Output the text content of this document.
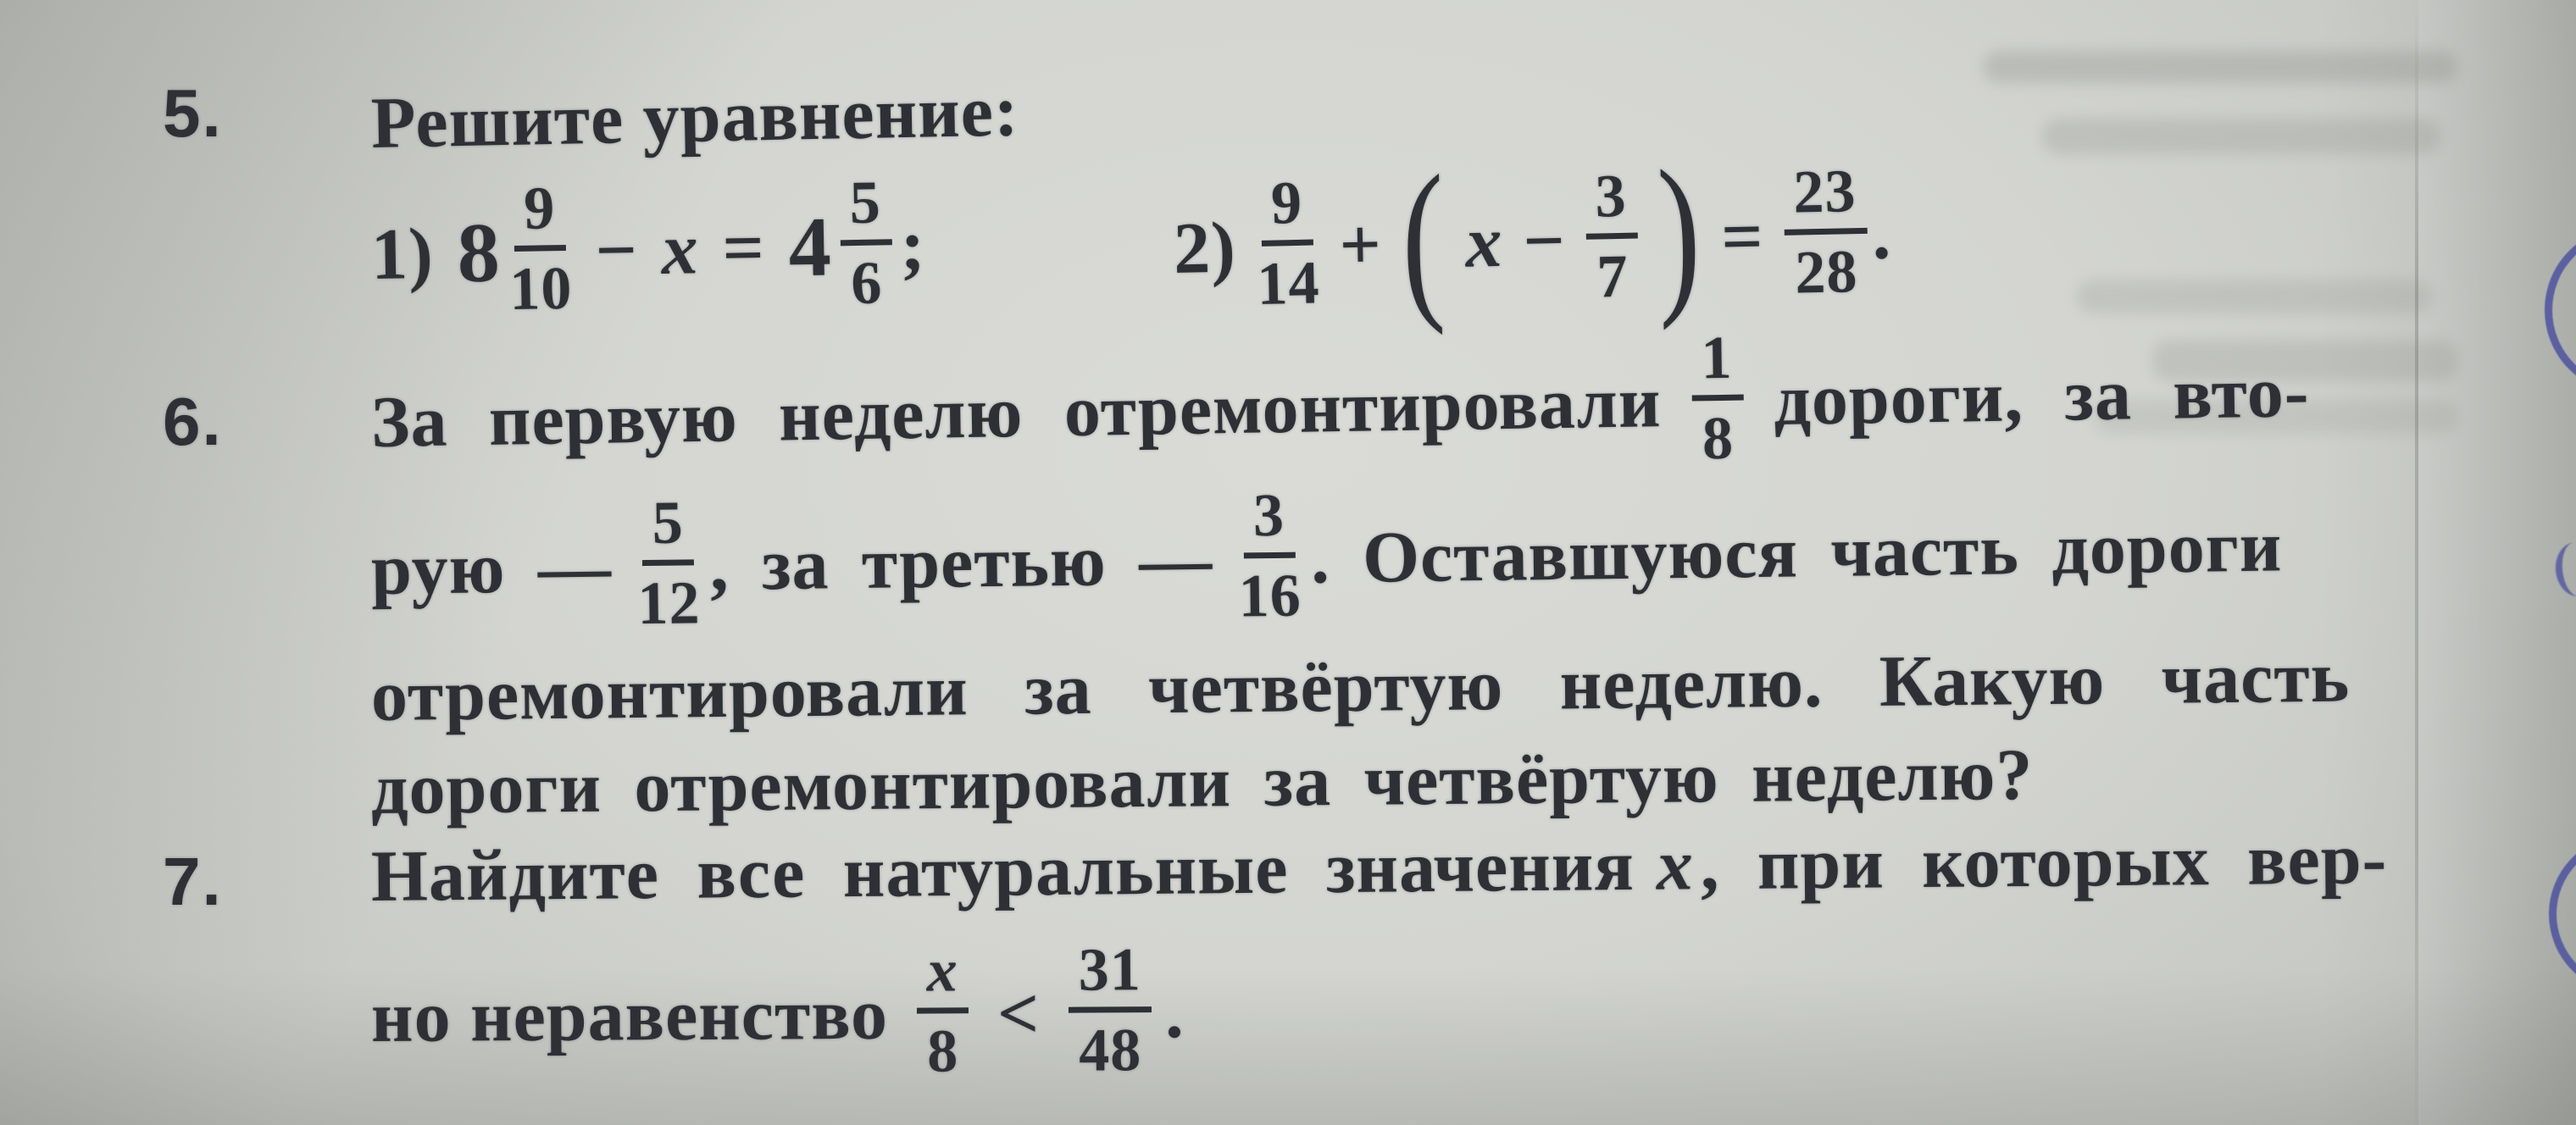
5. Решите уравнение:
1) $8 \frac{9}{10} - x = 4 \frac{5}{6}$ ;	$2) \frac{9}{14}$ + ( $x - \frac{3}{7}$ ) = $\frac{23}{28}$ .
6. За первую неделю отремонтировали $\frac{1}{8}$ дороги, за вто-
рую — $\frac{5}{12}$ , за третью — $\frac{3}{16}$ . Оставшуюся часть дороги
отремонтировали за четвёртую неделю. Какую часть
дороги отремонтировали за четвёртую неделю?
7. Найдите все натуральные значения x , при которых вер-
но неравенство $\frac{x}{8} < \frac{31}{48}$ .
